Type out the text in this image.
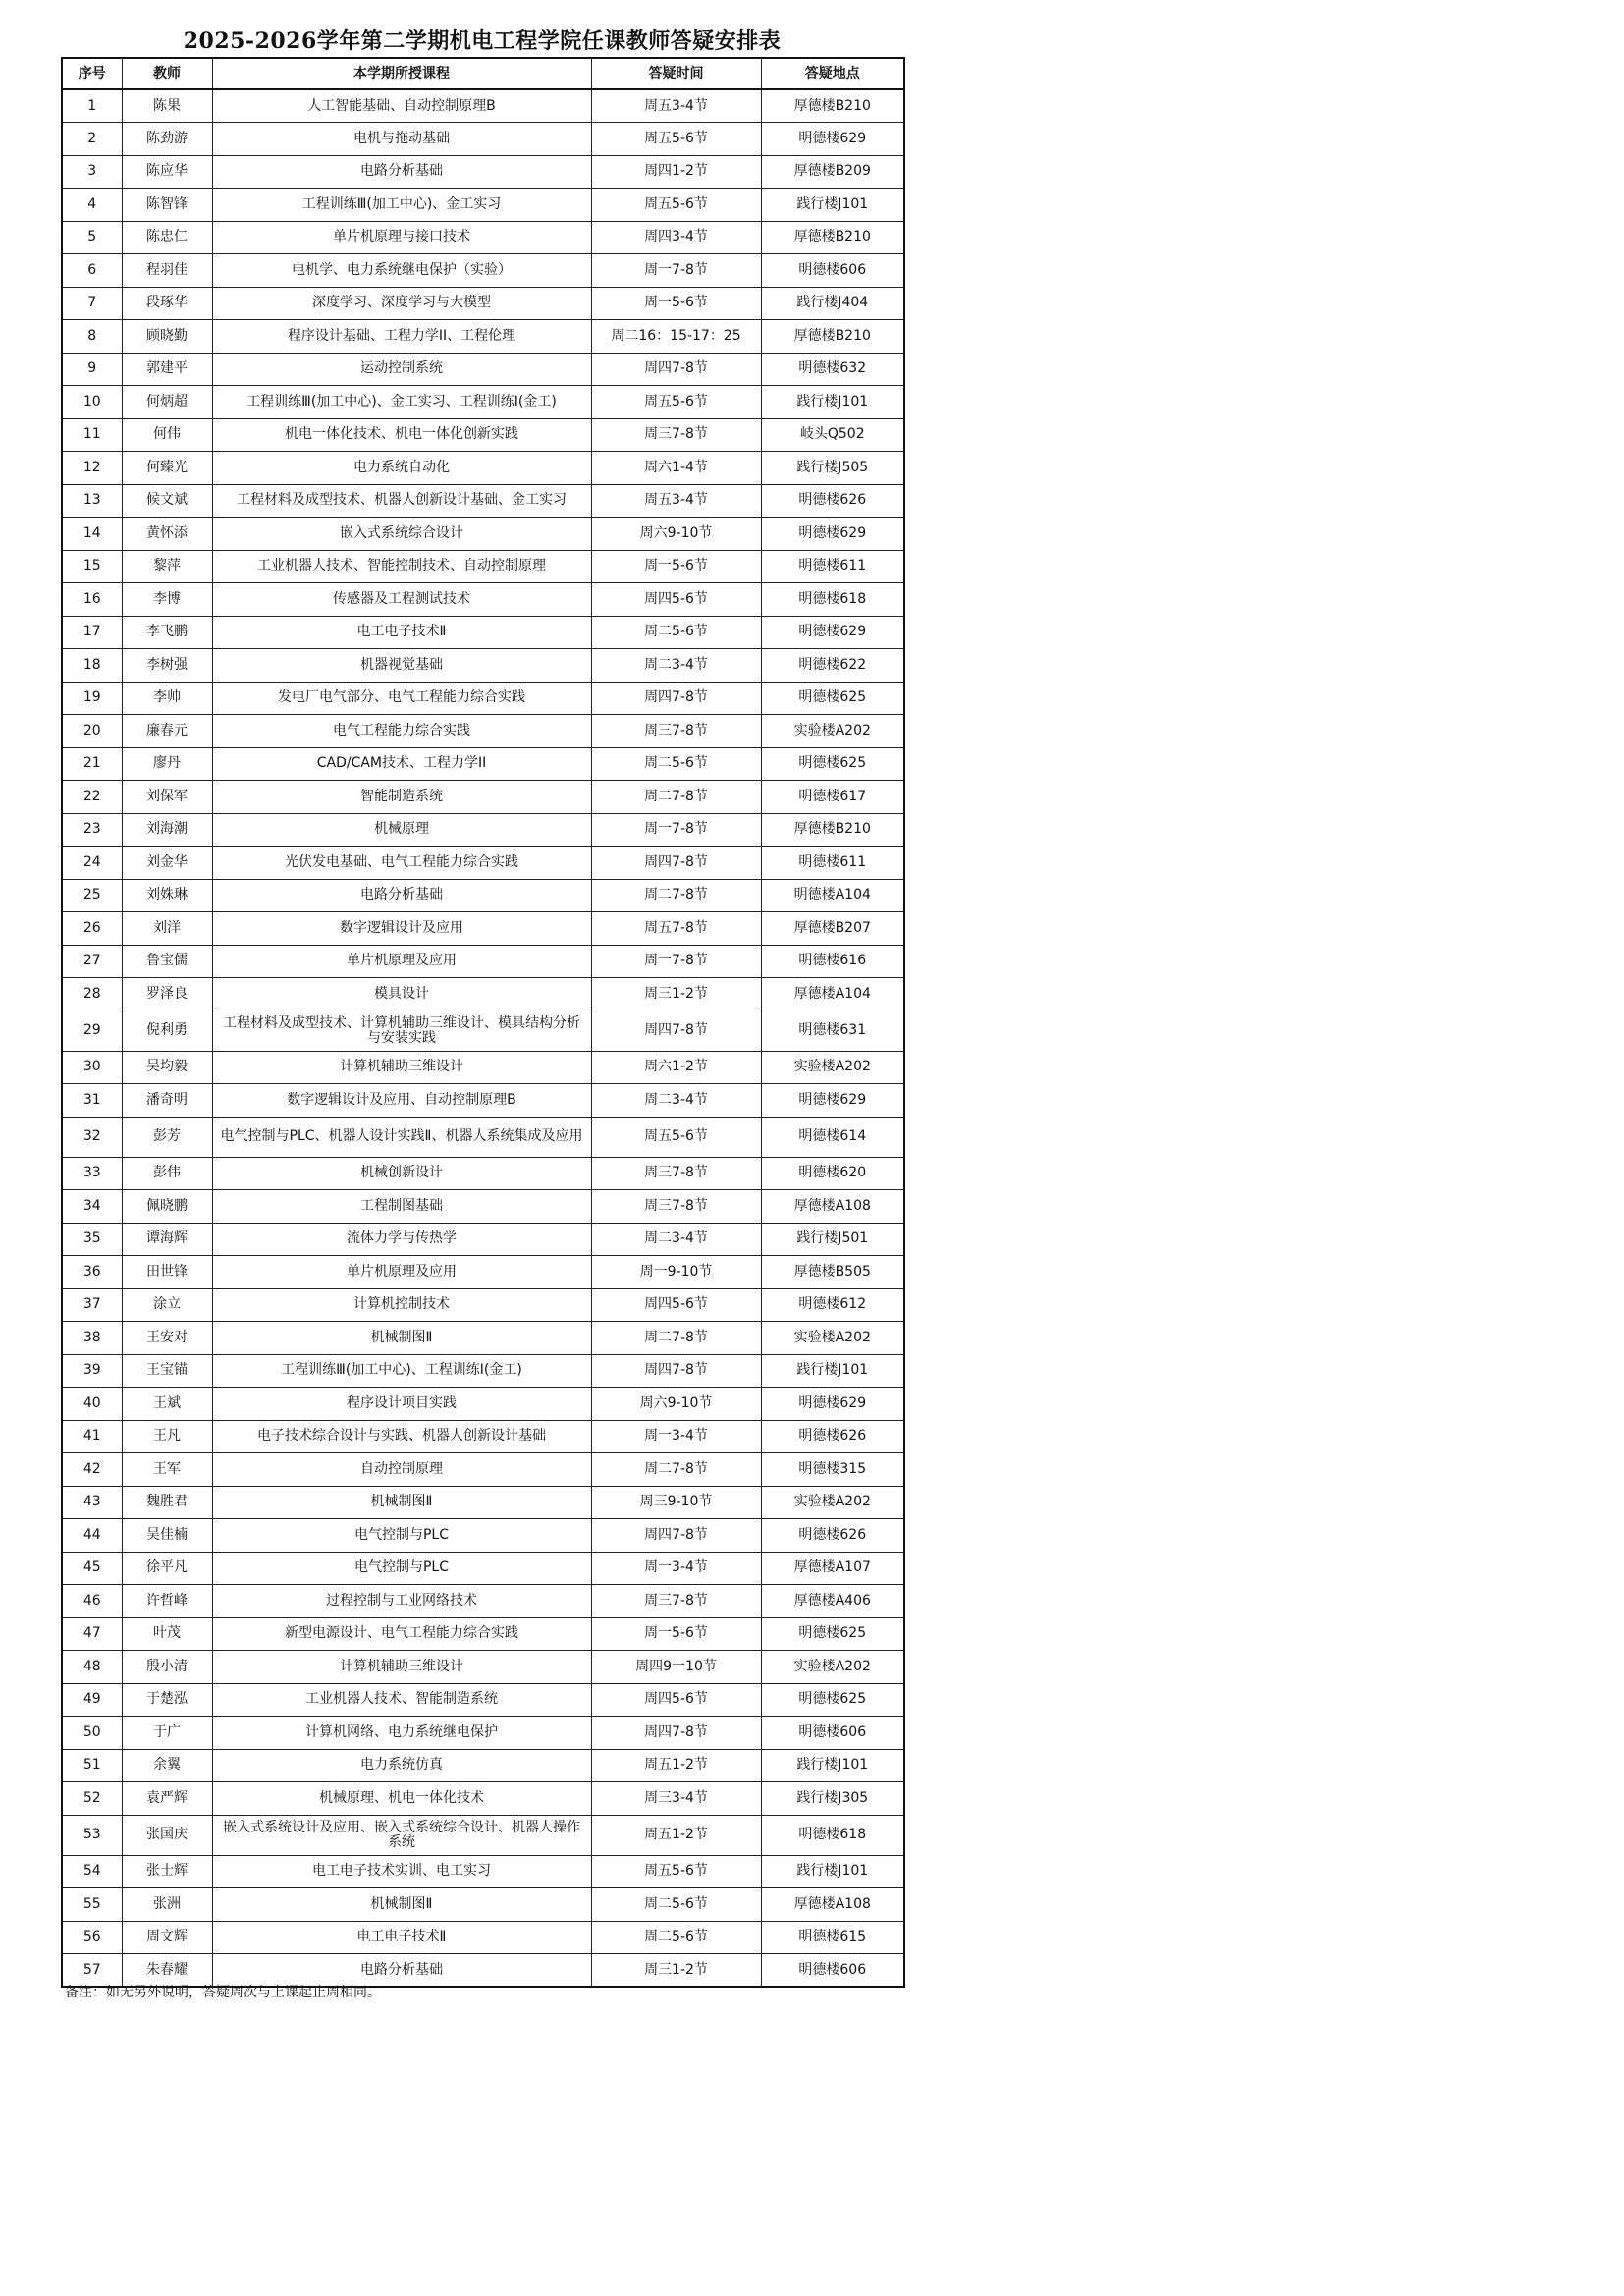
2025-2026学年第二学期机电工程学院任课教师答疑安排表
序号	教师	本学期所授课程	答疑时间	答疑地点
1	陈果	人工智能基础、自动控制原理B	周五3-4节	厚德楼B210
2	陈劲游	电机与拖动基础	周五5-6节	明德楼629
3	陈应华	电路分析基础	周四1-2节	厚德楼B209
4	陈智锋	工程训练Ⅲ(加工中心)、金工实习	周五5-6节	践行楼J101
5	陈忠仁	单片机原理与接口技术	周四3-4节	厚德楼B210
6	程羽佳	电机学、电力系统继电保护（实验）	周一7-8节	明德楼606
7	段琢华	深度学习、深度学习与大模型	周一5-6节	践行楼J404
8	顾晓勤	程序设计基础、工程力学II、工程伦理	周二16：15-17：25	厚德楼B210
9	郭建平	运动控制系统	周四7-8节	明德楼632
10	何炳超	工程训练Ⅲ(加工中心)、金工实习、工程训练Ⅰ(金工)	周五5-6节	践行楼J101
11	何伟	机电一体化技术、机电一体化创新实践	周三7-8节	岐头Q502
12	何臻光	电力系统自动化	周六1-4节	践行楼J505
13	候文斌	工程材料及成型技术、机器人创新设计基础、金工实习	周五3-4节	明德楼626
14	黄怀添	嵌入式系统综合设计	周六9-10节	明德楼629
15	黎萍	工业机器人技术、智能控制技术、自动控制原理	周一5-6节	明德楼611
16	李博	传感器及工程测试技术	周四5-6节	明德楼618
17	李飞鹏	电工电子技术Ⅱ	周二5-6节	明德楼629
18	李树强	机器视觉基础	周二3-4节	明德楼622
19	李帅	发电厂电气部分、电气工程能力综合实践	周四7-8节	明德楼625
20	廉春元	电气工程能力综合实践	周三7-8节	实验楼A202
21	廖丹	CAD/CAM技术、工程力学II	周二5-6节	明德楼625
22	刘保军	智能制造系统	周二7-8节	明德楼617
23	刘海潮	机械原理	周一7-8节	厚德楼B210
24	刘金华	光伏发电基础、电气工程能力综合实践	周四7-8节	明德楼611
25	刘姝琳	电路分析基础	周二7-8节	明德楼A104
26	刘洋	数字逻辑设计及应用	周五7-8节	厚德楼B207
27	鲁宝儒	单片机原理及应用	周一7-8节	明德楼616
28	罗泽良	模具设计	周三1-2节	厚德楼A104
29	倪利勇	工程材料及成型技术、计算机辅助三维设计、模具结构分析与安装实践	周四7-8节	明德楼631
30	吴均毅	计算机辅助三维设计	周六1-2节	实验楼A202
31	潘奇明	数字逻辑设计及应用、自动控制原理B	周二3-4节	明德楼629
32	彭芳	电气控制与PLC、机器人设计实践Ⅱ、机器人系统集成及应用	周五5-6节	明德楼614
33	彭伟	机械创新设计	周三7-8节	明德楼620
34	佩晓鹏	工程制图基础	周三7-8节	厚德楼A108
35	谭海辉	流体力学与传热学	周二3-4节	践行楼J501
36	田世锋	单片机原理及应用	周一9-10节	厚德楼B505
37	涂立	计算机控制技术	周四5-6节	明德楼612
38	王安对	机械制图Ⅱ	周二7-8节	实验楼A202
39	王宝锚	工程训练Ⅲ(加工中心)、工程训练Ⅰ(金工)	周四7-8节	践行楼J101
40	王斌	程序设计项目实践	周六9-10节	明德楼629
41	王凡	电子技术综合设计与实践、机器人创新设计基础	周一3-4节	明德楼626
42	王军	自动控制原理	周二7-8节	明德楼315
43	魏胜君	机械制图Ⅱ	周三9-10节	实验楼A202
44	吴佳楠	电气控制与PLC	周四7-8节	明德楼626
45	徐平凡	电气控制与PLC	周一3-4节	厚德楼A107
46	许哲峰	过程控制与工业网络技术	周三7-8节	厚德楼A406
47	叶茂	新型电源设计、电气工程能力综合实践	周一5-6节	明德楼625
48	殷小清	计算机辅助三维设计	周四9一10节	实验楼A202
49	于楚泓	工业机器人技术、智能制造系统	周四5-6节	明德楼625
50	于广	计算机网络、电力系统继电保护	周四7-8节	明德楼606
51	余翼	电力系统仿真	周五1-2节	践行楼J101
52	袁严辉	机械原理、机电一体化技术	周三3-4节	践行楼J305
53	张国庆	嵌入式系统设计及应用、嵌入式系统综合设计、机器人操作系统	周五1-2节	明德楼618
54	张士辉	电工电子技术实训、电工实习	周五5-6节	践行楼J101
55	张洲	机械制图Ⅱ	周二5-6节	厚德楼A108
56	周文辉	电工电子技术Ⅱ	周二5-6节	明德楼615
57	朱春耀	电路分析基础	周三1-2节	明德楼606
备注：如无另外说明，答疑周次与上课起止周相同。
